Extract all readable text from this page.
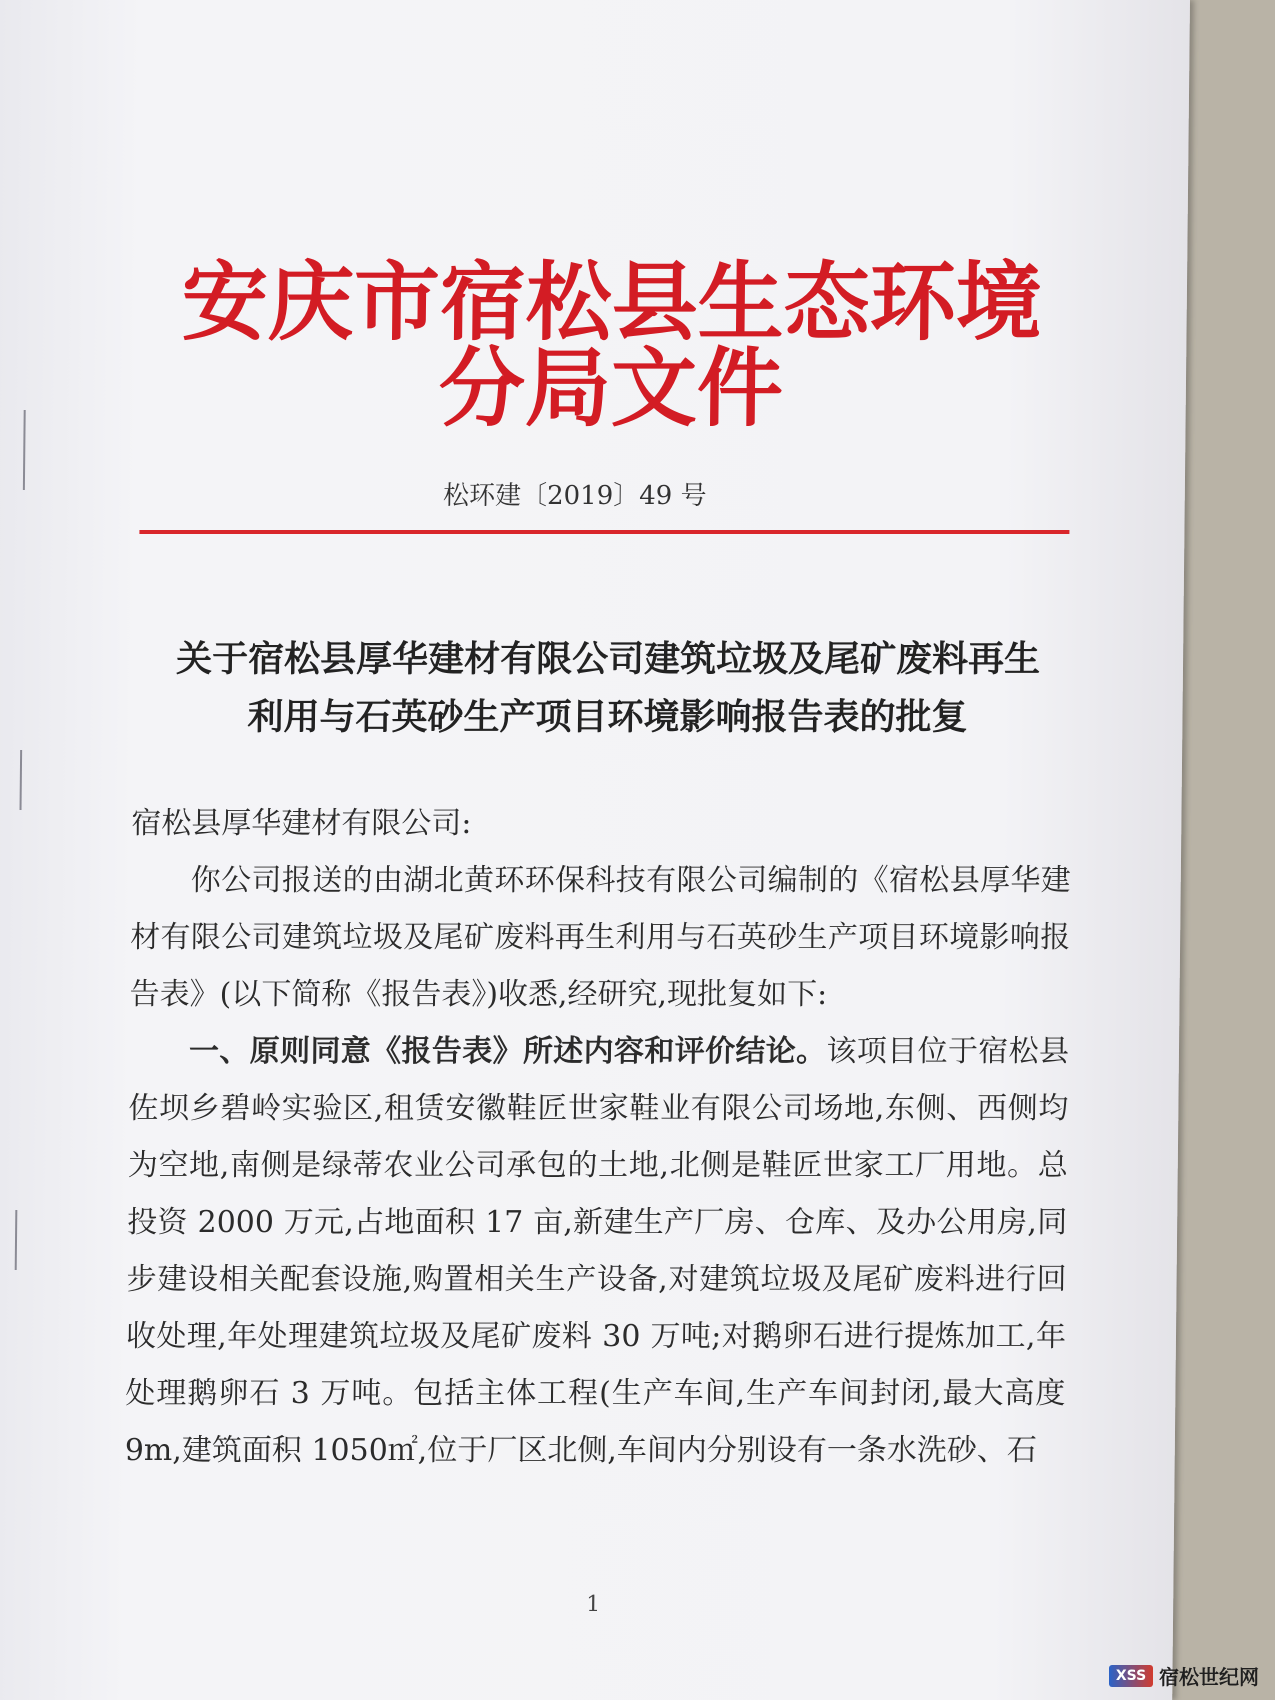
安庆市宿松县生态环境分局文件
松环建〔2019〕49 号
关于宿松县厚华建材有限公司建筑垃圾及尾矿废料再生
利用与石英砂生产项目环境影响报告表的批复

宿松县厚华建材有限公司:

你公司报送的由湖北黄环环保科技有限公司编制的《宿松县厚华建材有限公司建筑垃圾及尾矿废料再生利用与石英砂生产项目环境影响报告表》(以下简称《报告表》)收悉,经研究,现批复如下:

一、原则同意《报告表》所述内容和评价结论。该项目位于宿松县佐坝乡碧岭实验区,租赁安徽鞋匠世家鞋业有限公司场地,东侧、西侧均为空地,南侧是绿蒂农业公司承包的土地,北侧是鞋匠世家工厂用地。总投资 2000 万元,占地面积 17 亩,新建生产厂房、仓库、及办公用房,同步建设相关配套设施,购置相关生产设备,对建筑垃圾及尾矿废料进行回收处理,年处理建筑垃圾及尾矿废料 30 万吨;对鹅卵石进行提炼加工,年处理鹅卵石 3 万吨。包括主体工程(生产车间,生产车间封闭,最大高度 9m,建筑面积 1050㎡,位于厂区北侧,车间内分别设有一条水洗砂、石

1
XSS 宿松世纪网
